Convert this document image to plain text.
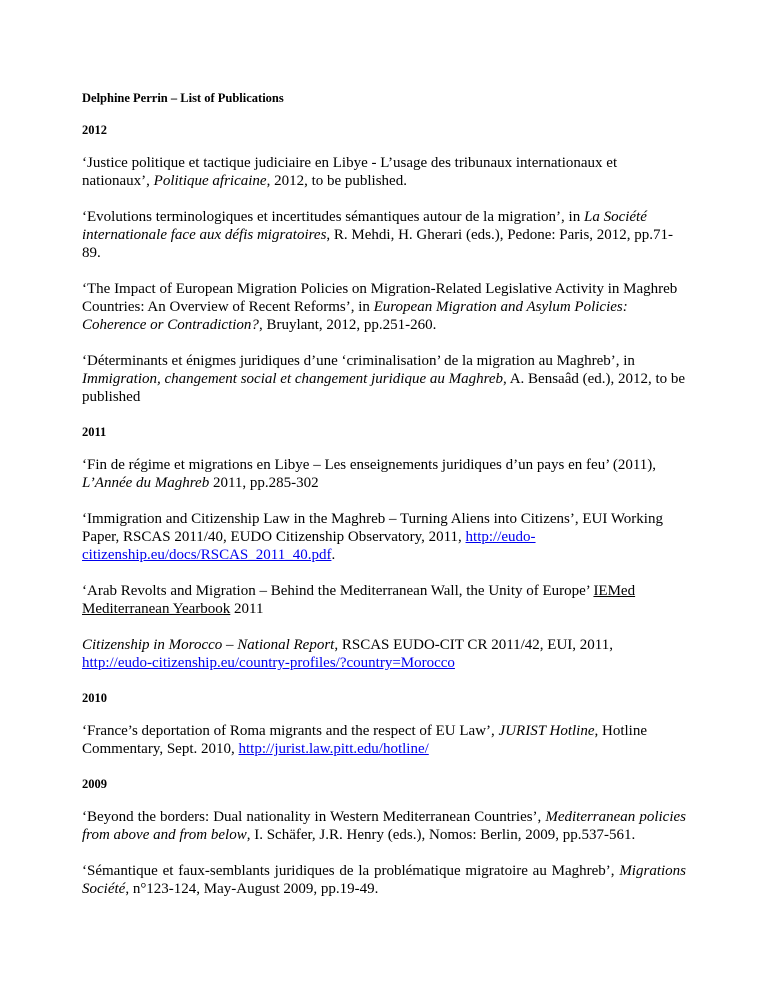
Delphine Perrin – List of Publications
2012

‘Justice politique et tactique judiciaire en Libye - L’usage des tribunaux internationaux et nationaux’, Politique africaine, 2012, to be published.

‘Evolutions terminologiques et incertitudes sémantiques autour de la migration’, in La Société internationale face aux défis migratoires, R. Mehdi, H. Gherari (eds.), Pedone: Paris, 2012, pp.71-89.

‘The Impact of European Migration Policies on Migration-Related Legislative Activity in Maghreb Countries: An Overview of Recent Reforms’, in European Migration and Asylum Policies: Coherence or Contradiction?, Bruylant, 2012, pp.251-260.

‘Déterminants et énigmes juridiques d’une ‘criminalisation’ de la migration au Maghreb’, in Immigration, changement social et changement juridique au Maghreb, A. Bensaâd (ed.), 2012, to be published

2011

‘Fin de régime et migrations en Libye – Les enseignements juridiques d’un pays en feu’ (2011), L’Année du Maghreb 2011, pp.285-302

‘Immigration and Citizenship Law in the Maghreb – Turning Aliens into Citizens’, EUI Working Paper, RSCAS 2011/40, EUDO Citizenship Observatory, 2011, http://eudo-citizenship.eu/docs/RSCAS_2011_40.pdf.

‘Arab Revolts and Migration – Behind the Mediterranean Wall, the Unity of Europe’ IEMed Mediterranean Yearbook 2011

Citizenship in Morocco – National Report, RSCAS EUDO-CIT CR 2011/42, EUI, 2011, http://eudo-citizenship.eu/country-profiles/?country=Morocco

2010

‘France’s deportation of Roma migrants and the respect of EU Law’, JURIST Hotline, Hotline Commentary, Sept. 2010, http://jurist.law.pitt.edu/hotline/

2009

‘Beyond the borders: Dual nationality in Western Mediterranean Countries’, Mediterranean policies from above and from below, I. Schäfer, J.R. Henry (eds.), Nomos: Berlin, 2009, pp.537-561.

‘Sémantique et faux-semblants juridiques de la problématique migratoire au Maghreb’, Migrations Société, n°123-124, May-August 2009, pp.19-49.
